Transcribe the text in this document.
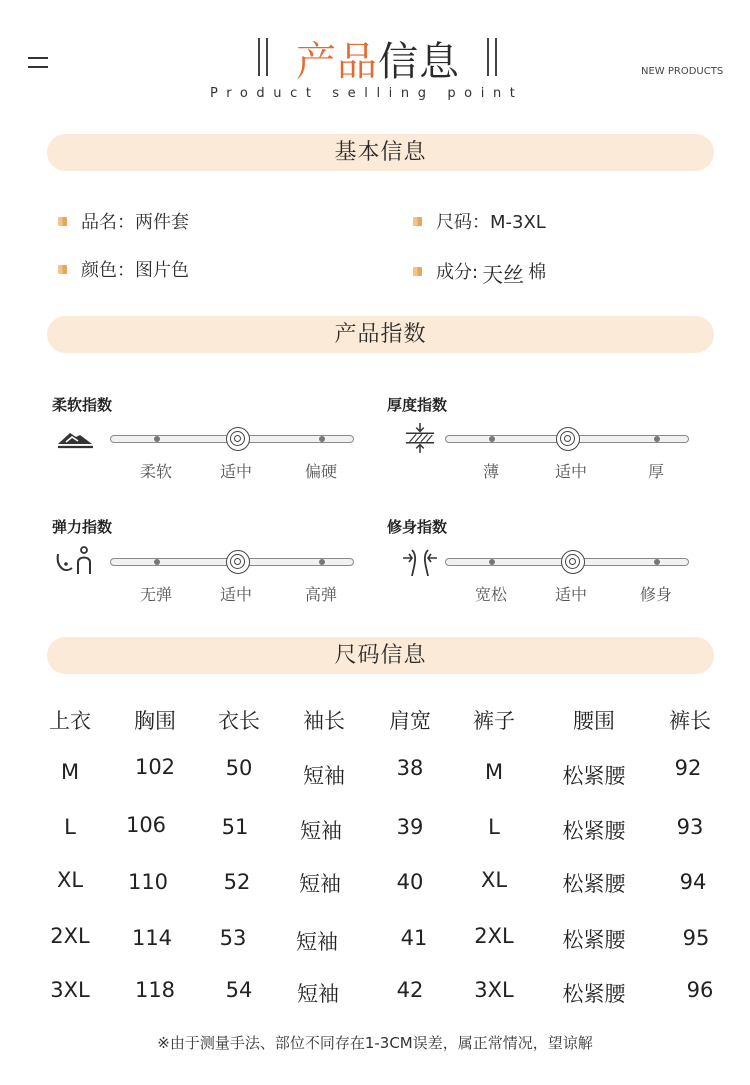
产品信息
Product selling point
NEW PRODUCTS
基本信息
品名：两件套	尺码：M-3XL
颜色：图片色	成分: 天丝 棉
产品指数
柔软指数
柔软	适中	偏硬
厚度指数
薄	适中	厚
弹力指数
无弹	适中	高弹
修身指数
宽松	适中	修身
尺码信息
上衣 胸围 衣长 袖长 肩宽 裤子	腰围	裤长
M	102 50 短袖 38	M	松紧腰 92
L 106	51 短袖	39	L	松紧腰 93
XL 110	52 短袖	40	XL	松紧腰	94
2XL 114 53 短袖	41 2XL 松紧腰	95
3XL 118 54 短袖	42 3XL 松紧腰	96
※由于测量手法、部位不同存在1-3CM误差，属正常情况，望谅解
